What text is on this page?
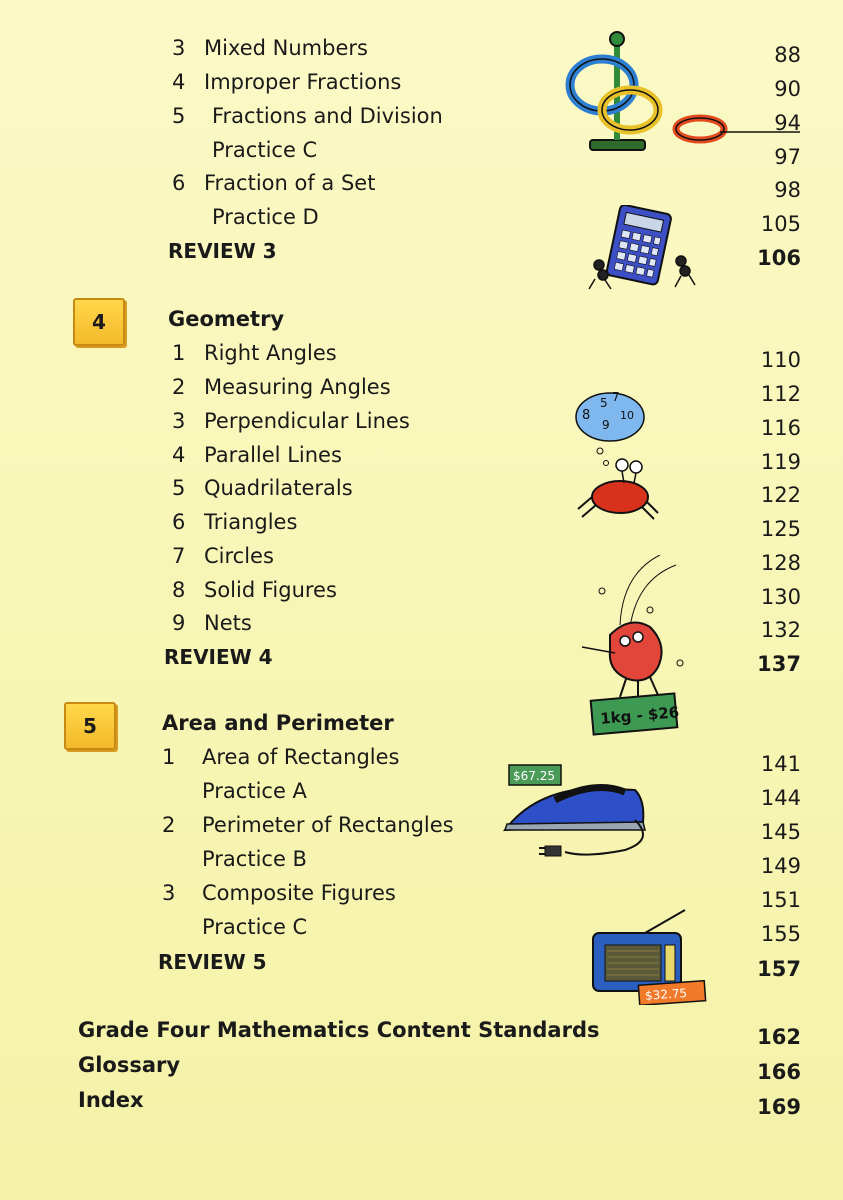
3 Mixed Numbers	88
4 Improper Fractions	90
5 Fractions and Division	94
Practice C	97
6 Fraction of a Set	98
Practice D	105
REVIEW 3	106
4	Geometry
1 Right Angles	110
2 Measuring Angles	112
3 Perpendicular Lines	116
4 Parallel Lines	119
5 Quadrilaterals	122
6 Triangles	125
7 Circles	128
8 Solid Figures	130
9 Nets	132
REVIEW 4	137
5	Area and Perimeter
1 Area of Rectangles	141
Practice A	144
2 Perimeter of Rectangles	145
Practice B	149
3 Composite Figures	151
Practice C	155
REVIEW 5	157
Grade Four Mathematics Content Standards	162
Glossary	166
Index	169
8
5 7
9
10
1kg - $26
$67.25
$32.75
